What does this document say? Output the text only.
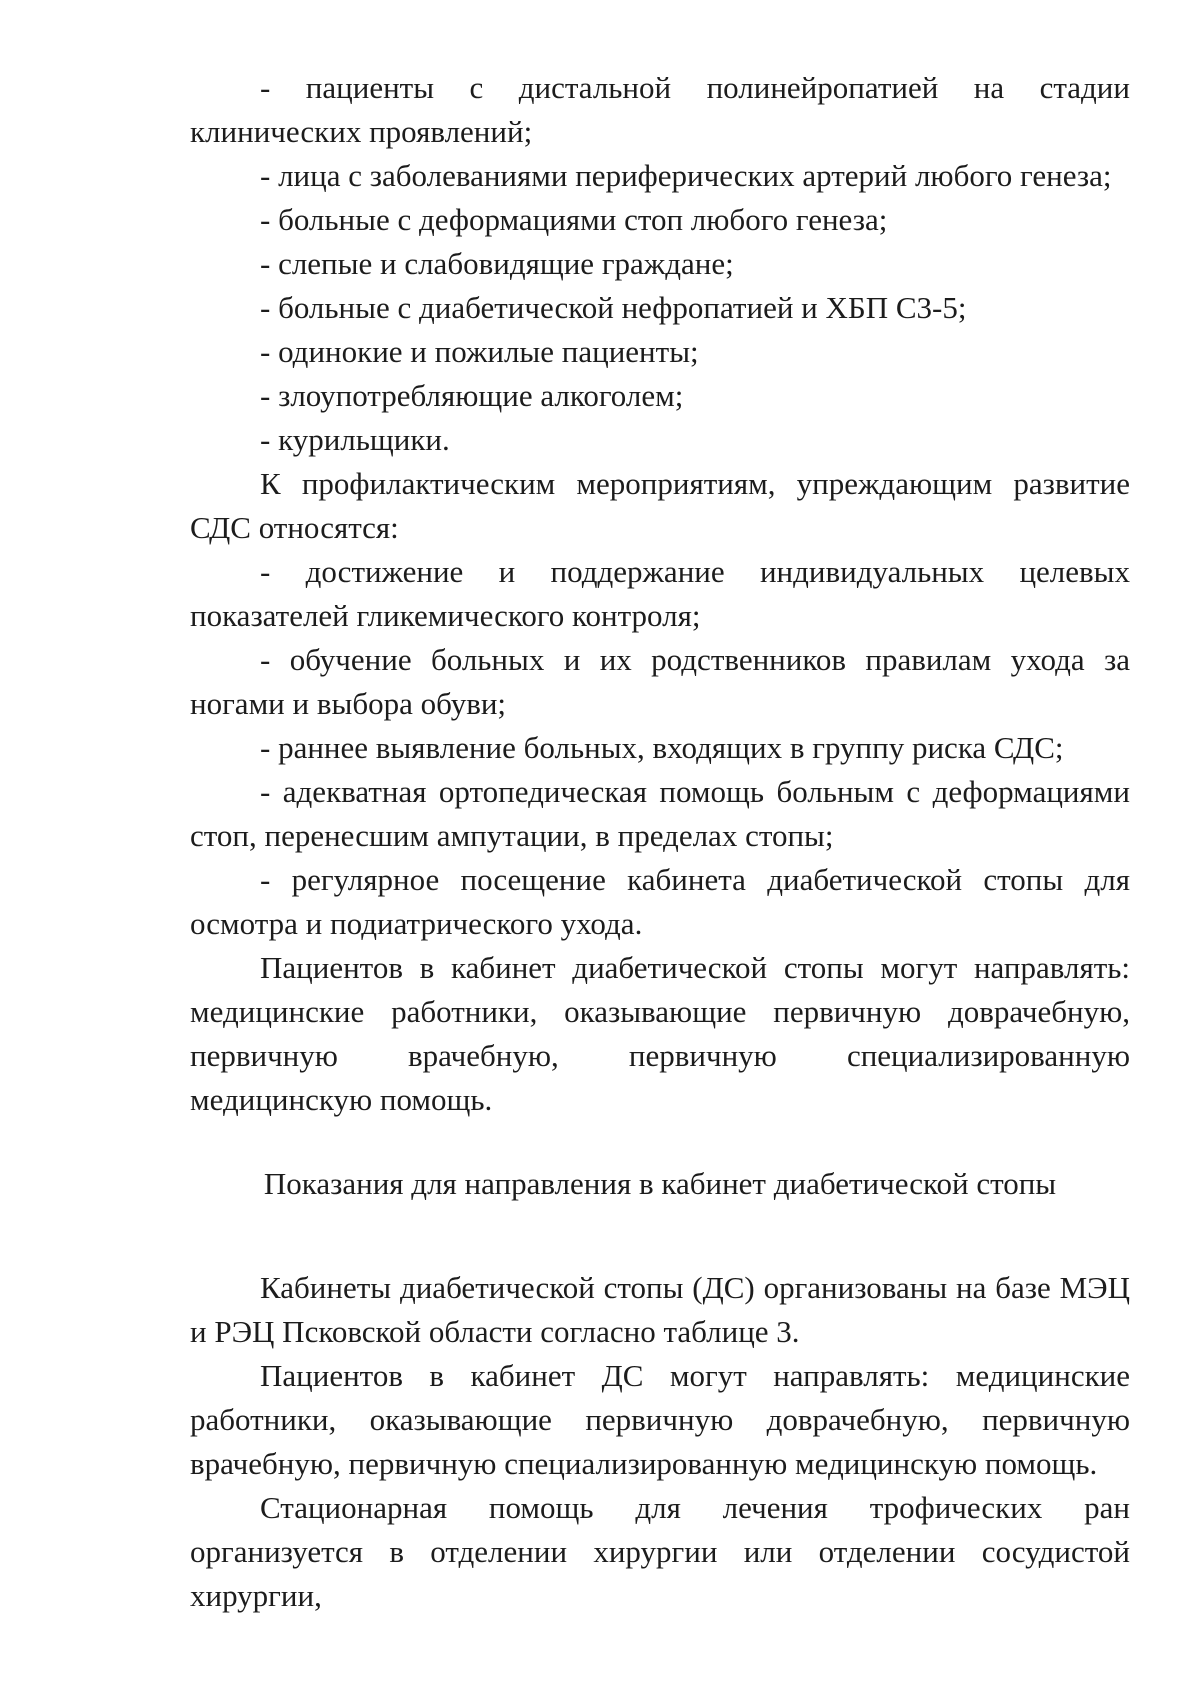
- пациенты с дистальной полинейропатией на стадии клинических проявлений;

- лица с заболеваниями периферических артерий любого генеза;

- больные с деформациями стоп любого генеза;

- слепые и слабовидящие граждане;

- больные с диабетической нефропатией и ХБП С3-5;

- одинокие и пожилые пациенты;

- злоупотребляющие алкоголем;

- курильщики.

К профилактическим мероприятиям, упреждающим развитие СДС относятся:

- достижение и поддержание индивидуальных целевых показателей гликемического контроля;

- обучение больных и их родственников правилам ухода за ногами и выбора обуви;

- раннее выявление больных, входящих в группу риска СДС;

- адекватная ортопедическая помощь больным с деформациями стоп, перенесшим ампутации, в пределах стопы;

- регулярное посещение кабинета диабетической стопы для осмотра и подиатрического ухода.

Пациентов в кабинет диабетической стопы могут направлять: медицинские работники, оказывающие первичную доврачебную, первичную врачебную, первичную специализированную медицинскую помощь.

Показания для направления в кабинет диабетической стопы

Кабинеты диабетической стопы (ДС) организованы на базе МЭЦ и РЭЦ Псковской области согласно таблице 3.

Пациентов в кабинет ДС могут направлять: медицинские работники, оказывающие первичную доврачебную, первичную врачебную, первичную специализированную медицинскую помощь.

Стационарная помощь для лечения трофических ран организуется в отделении хирургии или отделении сосудистой хирургии,
